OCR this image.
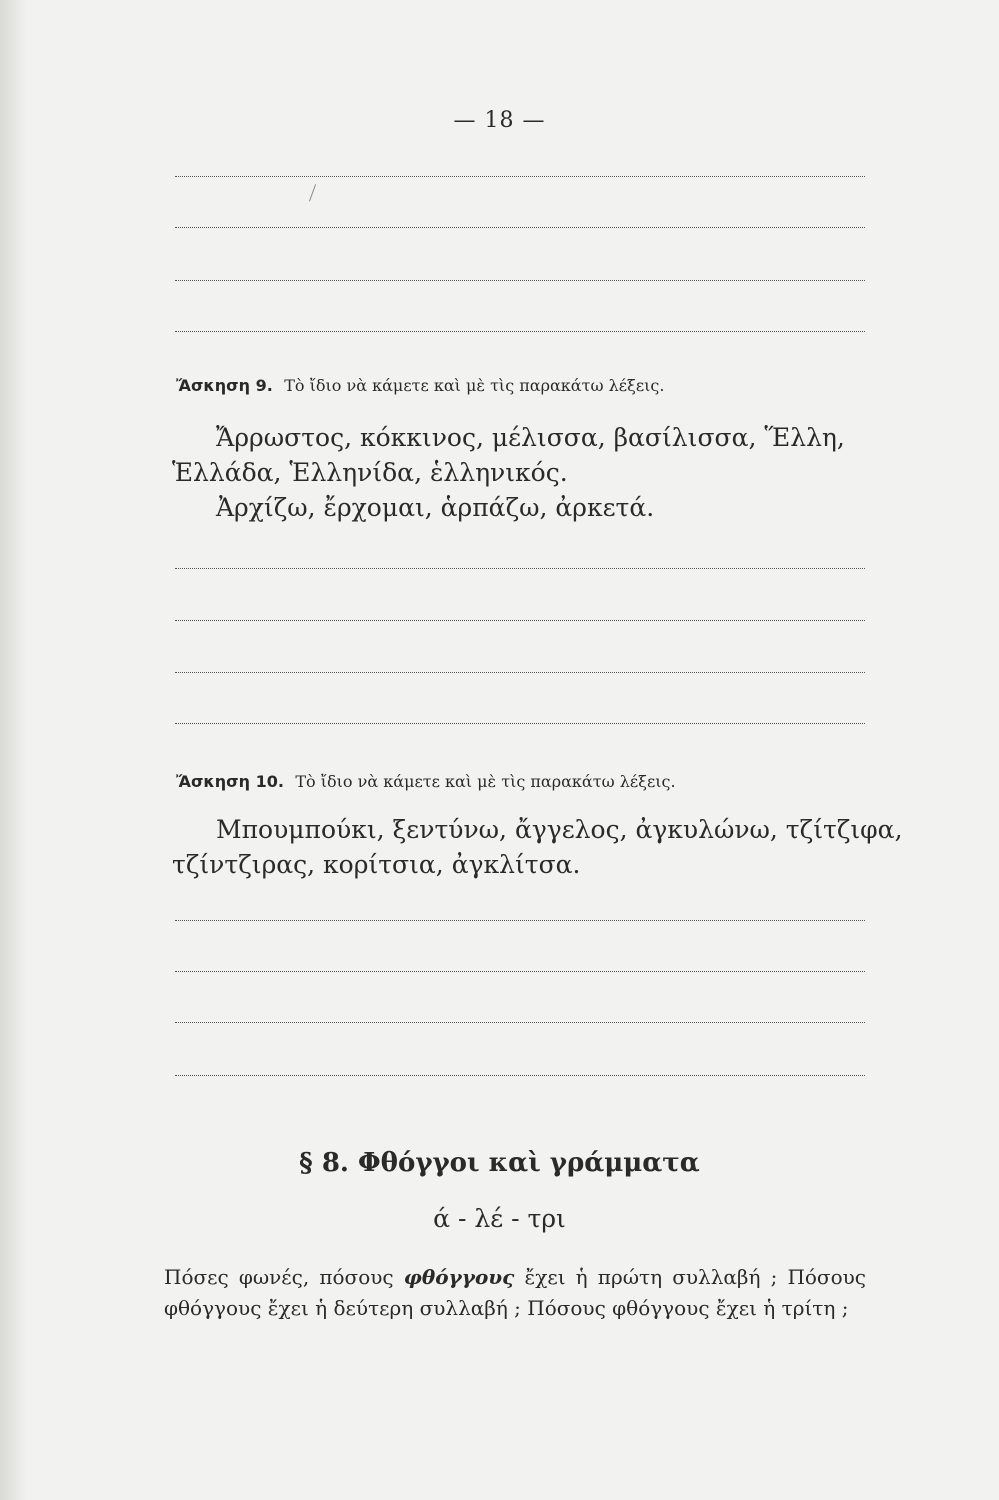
— 18 —
Ἄσκηση 9. Τὸ ἴδιο νὰ κάμετε καὶ μὲ τὶς παρακάτω λέξεις.
Ἄρρωστος, κόκκινος, μέλισσα, βασίλισσα, Ἕλλη,
Ἑλλάδα, Ἑλληνίδα, ἑλληνικός.
Ἀρχίζω, ἔρχομαι, ἁρπάζω, ἀρκετά.
Ἄσκηση 10. Τὸ ἴδιο νὰ κάμετε καὶ μὲ τὶς παρακάτω λέξεις.
Μπουμπούκι, ξεντύνω, ἄγγελος, ἀγκυλώνω, τζίτζιφα,
τζίντζιρας, κορίτσια, ἀγκλίτσα.
§ 8. Φθόγγοι καὶ γράμματα
ά - λέ - τρι
Πόσες φωνές, πόσους φθόγγους ἔχει ἡ πρώτη συλλαβή ; Πόσους φθόγγους ἔχει ἡ δεύτερη συλλαβή ; Πόσους φθόγγους ἔχει ἡ τρίτη ;
